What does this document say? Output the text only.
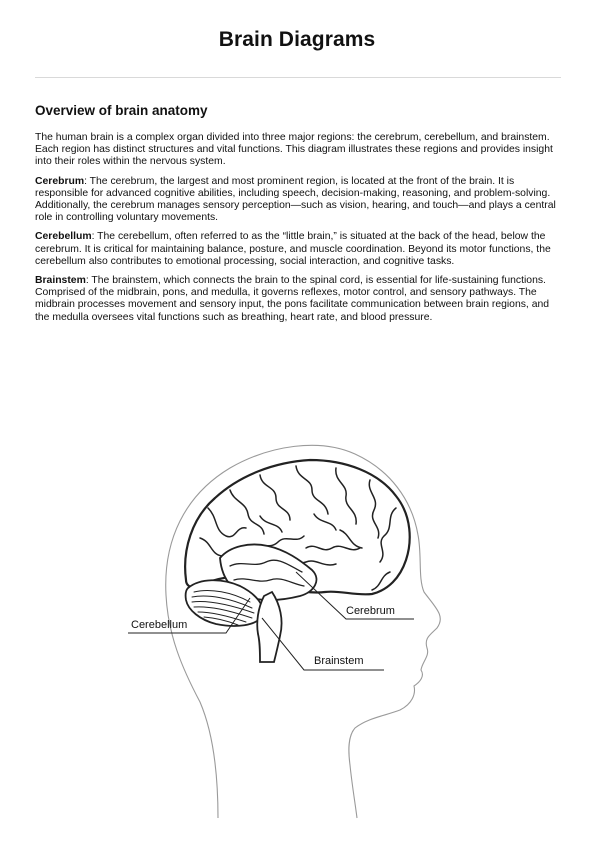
Brain Diagrams
Overview of brain anatomy

The human brain is a complex organ divided into three major regions: the cerebrum, cerebellum, and brainstem. Each region has distinct structures and vital functions. This diagram illustrates these regions and provides insight into their roles within the nervous system.

Cerebrum: The cerebrum, the largest and most prominent region, is located at the front of the brain. It is responsible for advanced cognitive abilities, including speech, decision-making, reasoning, and problem-solving. Additionally, the cerebrum manages sensory perception—such as vision, hearing, and touch—and plays a central role in controlling voluntary movements.

Cerebellum: The cerebellum, often referred to as the “little brain,” is situated at the back of the head, below the cerebrum. It is critical for maintaining balance, posture, and muscle coordination. Beyond its motor functions, the cerebellum also contributes to emotional processing, social interaction, and cognitive tasks.

Brainstem: The brainstem, which connects the brain to the spinal cord, is essential for life-sustaining functions. Comprised of the midbrain, pons, and medulla, it governs reflexes, motor control, and sensory pathways. The midbrain processes movement and sensory input, the pons facilitate communication between brain regions, and the medulla oversees vital functions such as breathing, heart rate, and blood pressure.

Cerebrum
Cerebellum
Brainstem
